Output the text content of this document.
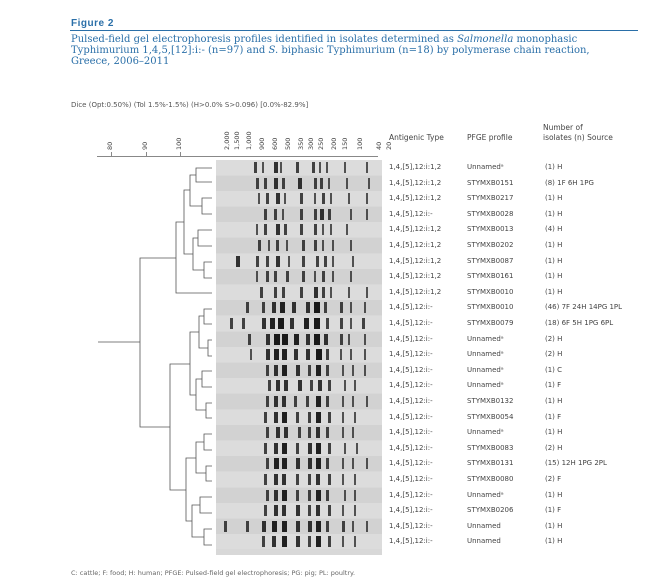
Figure 2
Pulsed-field gel electrophoresis profiles identified in isolates determined as Salmonella monophasic Typhimurium 1,4,5,[12]:i:- (n=97) and S. biphasic Typhimurium (n=18) by polymerase chain reaction, Greece, 2006–2011
Dice (Opt:0.50%) (Tol 1.5%-1.5%) (H>0.0% S>0.096) [0.0%-82.9%]
80	90	100	2,000 1,500 1,000 900 600 500 350 300 250 200 150 100 40 20
Antigenic Type	PFGE profile
Number of
isolates (n) Source
1,4,[5],12:i:1,2	Unnamedᵃ	(1) H
1,4,[5],12:i:1,2	STYMXB0151	(8) 1F 6H 1PG
1,4,[5],12:i:1,2	STYMXB0217	(1) H
1,4,[5],12:i:-	STYMXB0028	(1) H
1,4,[5],12:i:1,2	STYMXB0013	(4) H
1,4,[5],12:i:1,2	STYMXB0202	(1) H
1,4,[5],12:i:1,2	STYMXB0087	(1) H
1,4,[5],12:i:1,2	STYMXB0161	(1) H
1,4,[5],12:i:1,2	STYMXB0010	(1) H
1,4,[5],12:i:-	STYMXB0010	(46) 7F 24H 14PG 1PL
1,4,[5],12:i:-	STYMXB0079	(18) 6F 5H 1PG 6PL
1,4,[5],12:i:-	Unnamedᵃ	(2) H
1,4,[5],12:i:-	Unnamedᵃ	(2) H
1,4,[5],12:i:-	Unnamedᵃ	(1) C
1,4,[5],12:i:-	Unnamedᵃ	(1) F
1,4,[5],12:i:-	STYMXB0132	(1) H
1,4,[5],12:i:-	STYMXB0054	(1) F
1,4,[5],12:i:-	Unnamedᵃ	(1) H
1,4,[5],12:i:-	STYMXB0083	(2) H
1,4,[5],12:i:-	STYMXB0131	(15) 12H 1PG 2PL
1,4,[5],12:i:-	STYMXB0080	(2) F
1,4,[5],12:i:-	Unnamedᵃ	(1) H
1,4,[5],12:i:-	STYMXB0206	(1) F
1,4,[5],12:i:-	Unnamed	(1) H
1,4,[5],12:i:-	Unnamed	(1) H
C: cattle; F: food; H: human; PFGE: Pulsed-field gel electrophoresis; PG: pig; PL: poultry.
